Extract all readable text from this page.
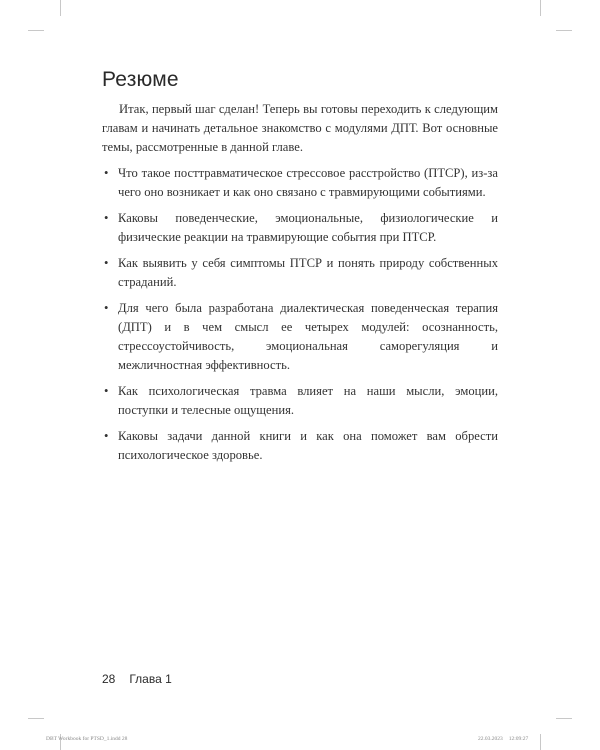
Резюме

Итак, первый шаг сделан! Теперь вы готовы переходить к следующим главам и начинать детальное знакомство с модулями ДПТ. Вот основные темы, рассмотренные в данной главе.

• Что такое посттравматическое стрессовое расстройство (ПТСР), из-за чего оно возникает и как оно связано с травмирующими событиями.
• Каковы поведенческие, эмоциональные, физиологические и физические реакции на травмирующие события при ПТСР.
• Как выявить у себя симптомы ПТСР и понять природу собственных страданий.
• Для чего была разработана диалектическая поведенческая терапия (ДПТ) и в чем смысл ее четырех модулей: осознанность, стрессоустойчивость, эмоциональная саморегуляция и межличностная эффективность.
• Как психологическая травма влияет на наши мысли, эмоции, поступки и телесные ощущения.
• Каковы задачи данной книги и как она поможет вам обрести психологическое здоровье.
28 Глава 1
DBT Workbook for PTSD_1.indd 28	22.03.2023 12:09:27
